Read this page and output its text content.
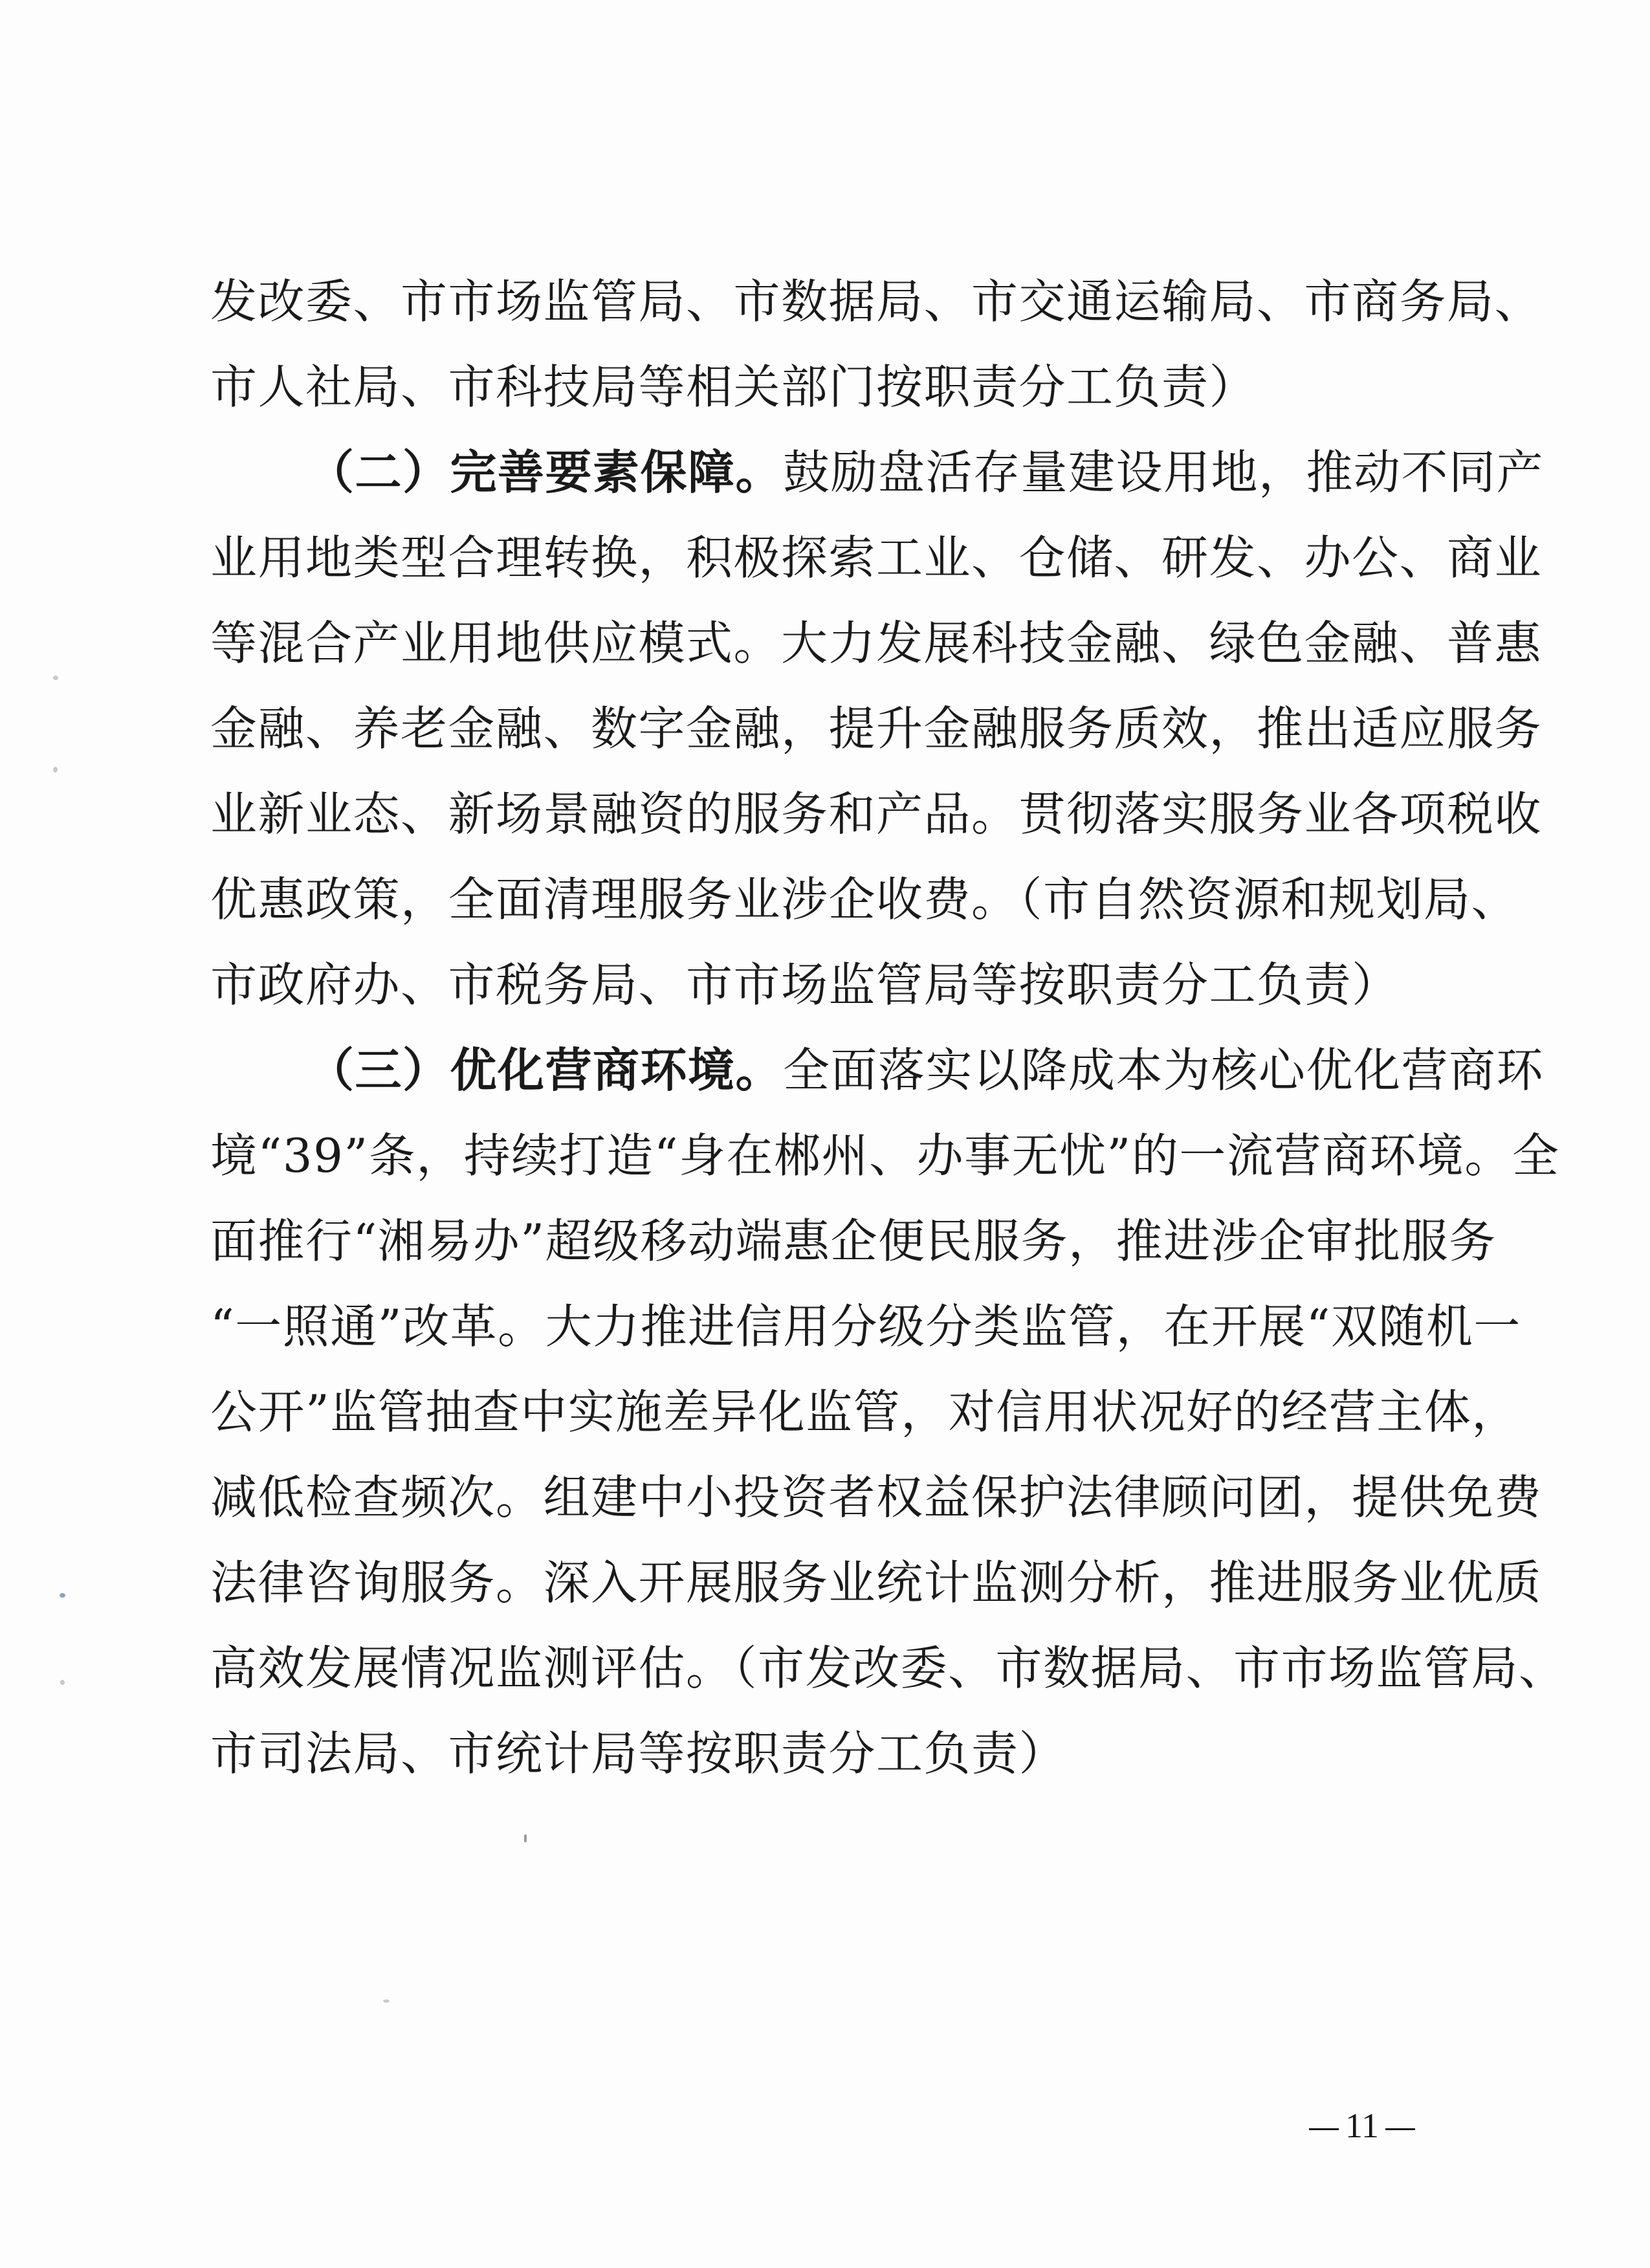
发改委、市市场监管局、市数据局、市交通运输局、市商务局、
市人社局、市科技局等相关部门按职责分工负责）
（二）完善要素保障。鼓励盘活存量建设用地，推动不同产
业用地类型合理转换，积极探索工业、仓储、研发、办公、商业
等混合产业用地供应模式。大力发展科技金融、绿色金融、普惠
金融、养老金融、数字金融，提升金融服务质效，推出适应服务
业新业态、新场景融资的服务和产品。贯彻落实服务业各项税收
优惠政策，全面清理服务业涉企收费。（市自然资源和规划局、
市政府办、市税务局、市市场监管局等按职责分工负责）
（三）优化营商环境。全面落实以降成本为核心优化营商环
境“39”条，持续打造“身在郴州、办事无忧”的一流营商环境。全
面推行“湘易办”超级移动端惠企便民服务，推进涉企审批服务
“一照通”改革。大力推进信用分级分类监管，在开展“双随机一
公开”监管抽查中实施差异化监管，对信用状况好的经营主体，
减低检查频次。组建中小投资者权益保护法律顾问团，提供免费
法律咨询服务。深入开展服务业统计监测分析，推进服务业优质
高效发展情况监测评估。（市发改委、市数据局、市市场监管局、
市司法局、市统计局等按职责分工负责）
11
